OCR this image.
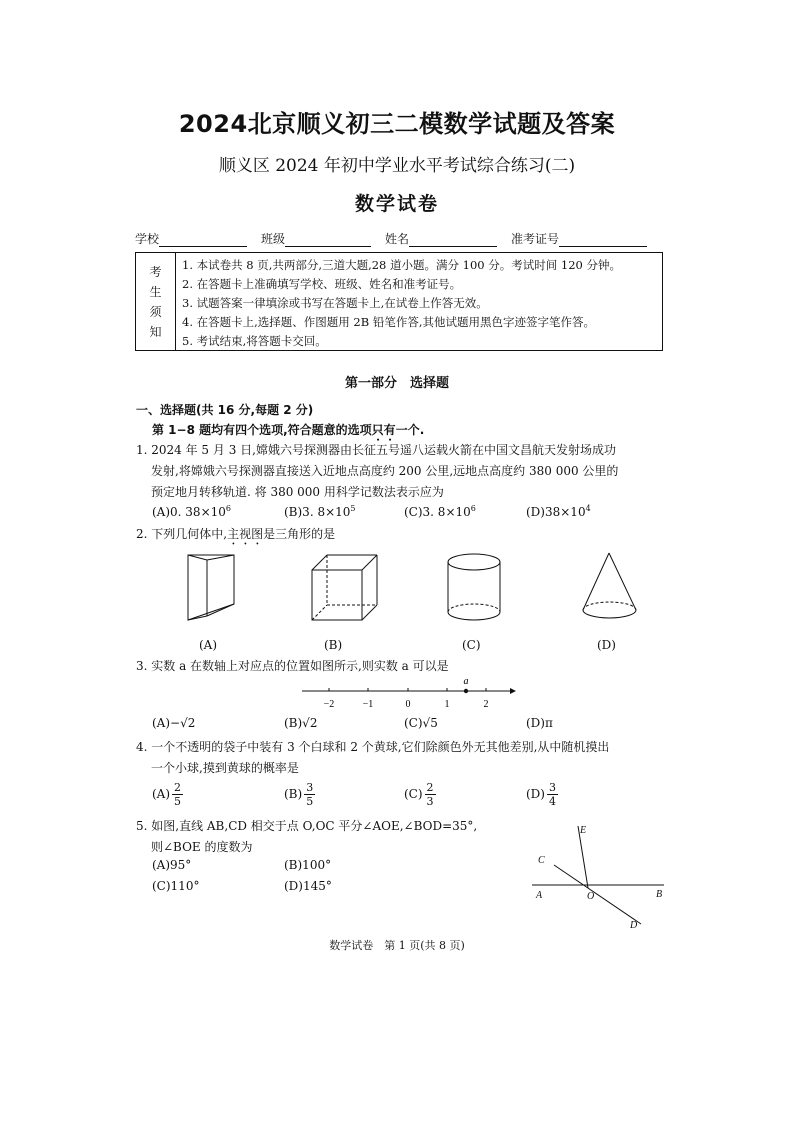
2024北京顺义初三二模数学试题及答案
顺义区 2024 年初中学业水平考试综合练习(二)
数学试卷
学校	班级	姓名	准考证号
考
生
须
知
1. 本试卷共 8 页,共两部分,三道大题,28 道小题。满分 100 分。考试时间 120 分钟。
2. 在答题卡上准确填写学校、班级、姓名和准考证号。
3. 试题答案一律填涂或书写在答题卡上,在试卷上作答无效。
4. 在答题卡上,选择题、作图题用 2B 铅笔作答,其他试题用黑色字迹签字笔作答。
5. 考试结束,将答题卡交回。
第一部分　选择题
一、选择题(共 16 分,每题 2 分)
第 1−8 题均有四个选项,符合题意的选项只有一个.
1. 2024 年 5 月 3 日,嫦娥六号探测器由长征五号遥八运载火箭在中国文昌航天发射场成功
发射,将嫦娥六号探测器直接送入近地点高度约 200 公里,远地点高度约 380 000 公里的
预定地月转移轨道. 将 380 000 用科学记数法表示应为
(A)0. $38\times 10^6$	(B)3. $8\times 10^5$	(C)3. $8\times 10^6$	$(D)38\times 10^4$
2. 下列几何体中,主视图是三角形的是
(A)	(B)	(C)	(D)
3. 实数 a 在数轴上对应点的位置如图所示,则实数 a 可以是
a
−2	−1	0	1	2
(A)−√2	(B)√2	(C)√5	(D)π
4. 一个不透明的袋子中装有 3 个白球和 2 个黄球,它们除颜色外无其他差别,从中随机摸出
一个小球,摸到黄球的概率是
$(A) \frac{2}{5}$	$(B) \frac{3}{5}$	$(C) \frac{2}{3}$	$(D) \frac{3}{4}$
5. 如图,直线 AB,CD 相交于点 O,OC 平分∠AOE,∠BOD=35°,
则∠BOE 的度数为
(A)95°	(B)100°
(C)110°	(D)145°
E
C
A	O	B
D
数学试卷　第 1 页(共 8 页)
